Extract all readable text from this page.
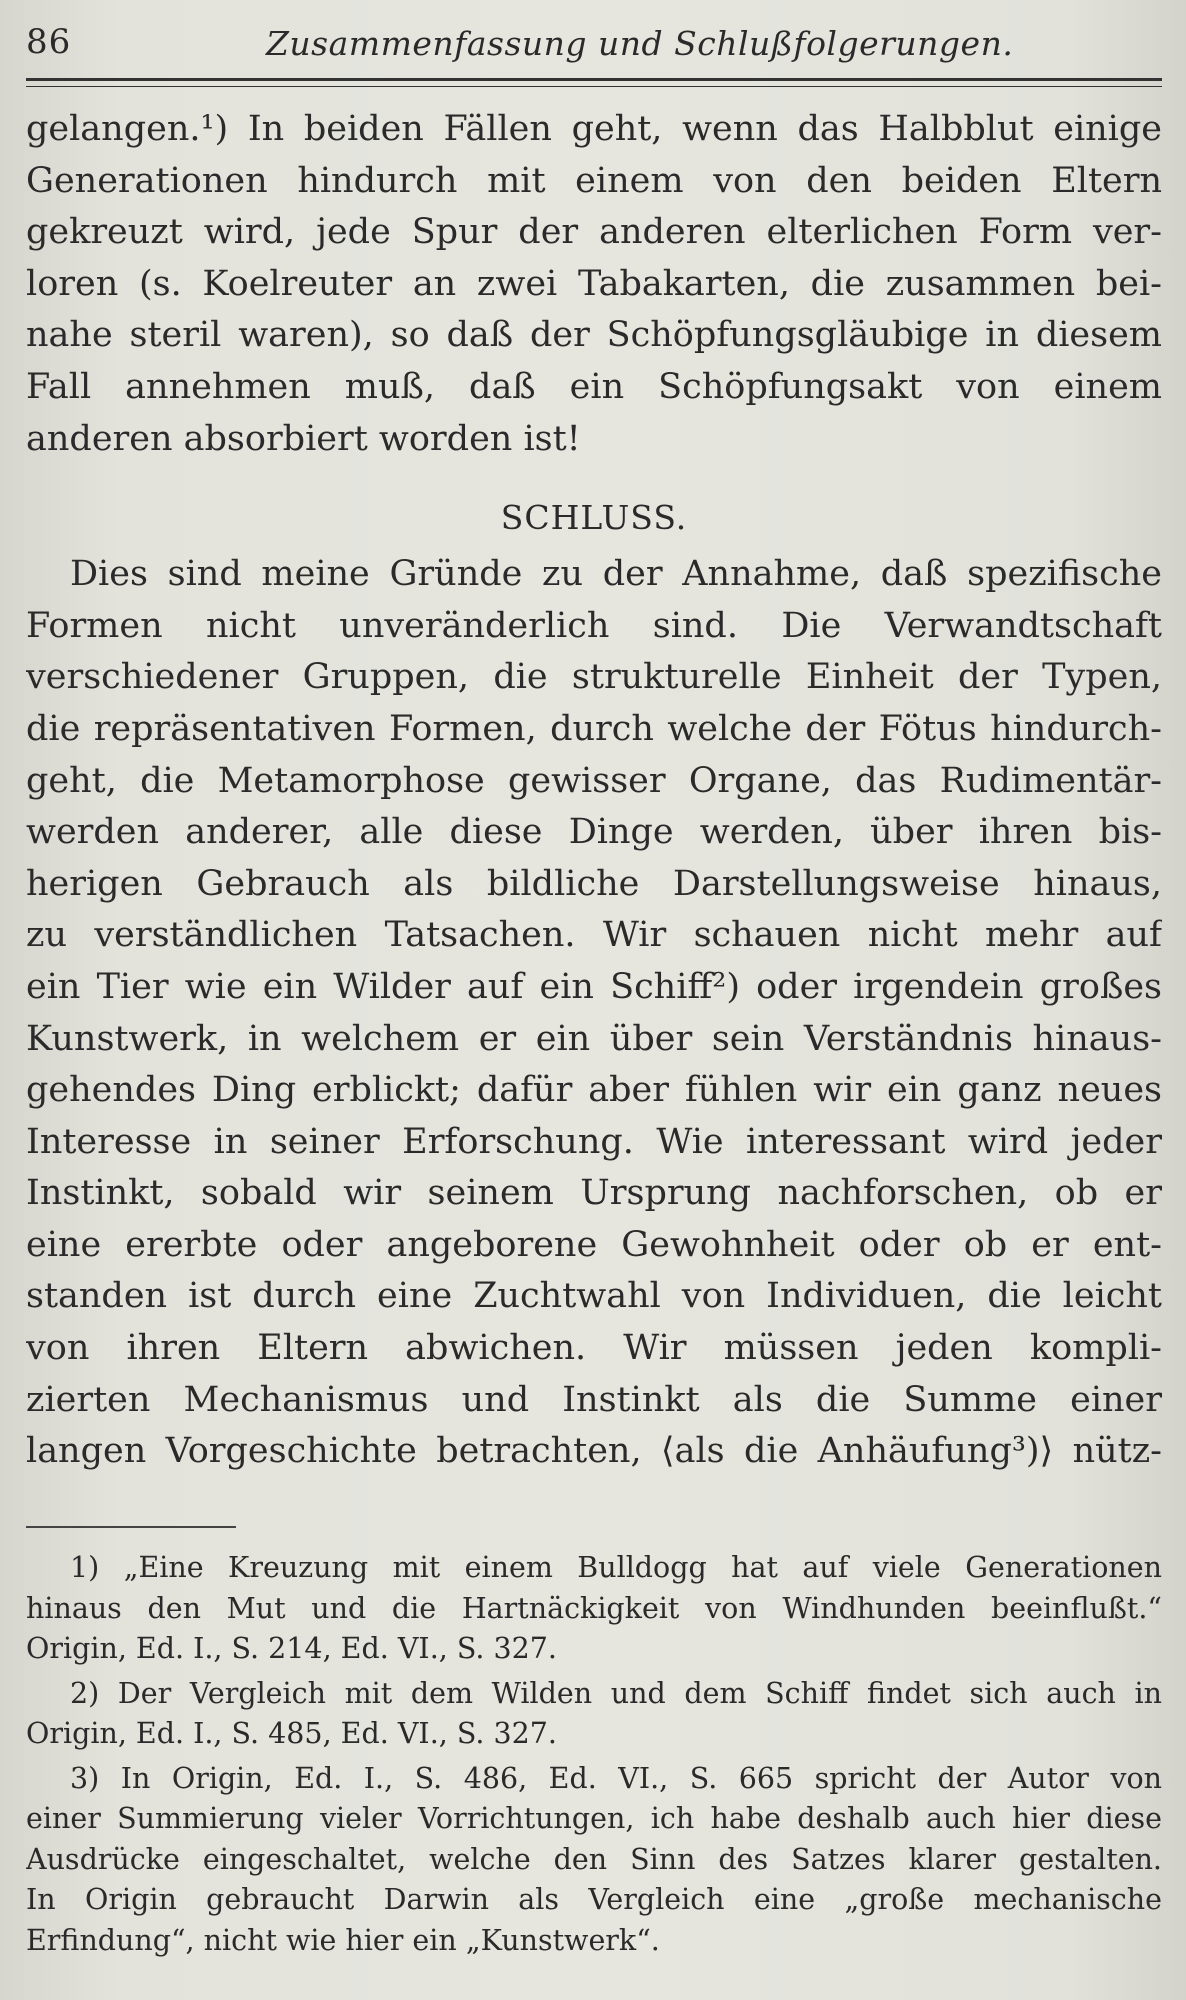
86	Zusammenfassung und Schlußfolgerungen.
gelangen.¹) In beiden Fällen geht, wenn das Halbblut einige
Generationen hindurch mit einem von den beiden Eltern
gekreuzt wird, jede Spur der anderen elterlichen Form ver-
loren (s. Koelreuter an zwei Tabakarten, die zusammen bei-
nahe steril waren), so daß der Schöpfungsgläubige in diesem
Fall annehmen muß, daß ein Schöpfungsakt von einem
anderen absorbiert worden ist!
SCHLUSS.
Dies sind meine Gründe zu der Annahme, daß spezifische
Formen nicht unveränderlich sind. Die Verwandtschaft
verschiedener Gruppen, die strukturelle Einheit der Typen,
die repräsentativen Formen, durch welche der Fötus hindurch-
geht, die Metamorphose gewisser Organe, das Rudimentär-
werden anderer, alle diese Dinge werden, über ihren bis-
herigen Gebrauch als bildliche Darstellungsweise hinaus,
zu verständlichen Tatsachen. Wir schauen nicht mehr auf
ein Tier wie ein Wilder auf ein Schiff²) oder irgendein großes
Kunstwerk, in welchem er ein über sein Verständnis hinaus-
gehendes Ding erblickt; dafür aber fühlen wir ein ganz neues
Interesse in seiner Erforschung. Wie interessant wird jeder
Instinkt, sobald wir seinem Ursprung nachforschen, ob er
eine ererbte oder angeborene Gewohnheit oder ob er ent-
standen ist durch eine Zuchtwahl von Individuen, die leicht
von ihren Eltern abwichen. Wir müssen jeden kompli-
zierten Mechanismus und Instinkt als die Summe einer
langen Vorgeschichte betrachten, ⟨als die Anhäufung³)⟩ nütz-
1) „Eine Kreuzung mit einem Bulldogg hat auf viele Generationen
hinaus den Mut und die Hartnäckigkeit von Windhunden beeinflußt.“
Origin, Ed. I., S. 214, Ed. VI., S. 327.
2) Der Vergleich mit dem Wilden und dem Schiff findet sich auch in
Origin, Ed. I., S. 485, Ed. VI., S. 327.
3) In Origin, Ed. I., S. 486, Ed. VI., S. 665 spricht der Autor von
einer Summierung vieler Vorrichtungen, ich habe deshalb auch hier diese
Ausdrücke eingeschaltet, welche den Sinn des Satzes klarer gestalten.
In Origin gebraucht Darwin als Vergleich eine „große mechanische
Erfindung“, nicht wie hier ein „Kunstwerk“.
